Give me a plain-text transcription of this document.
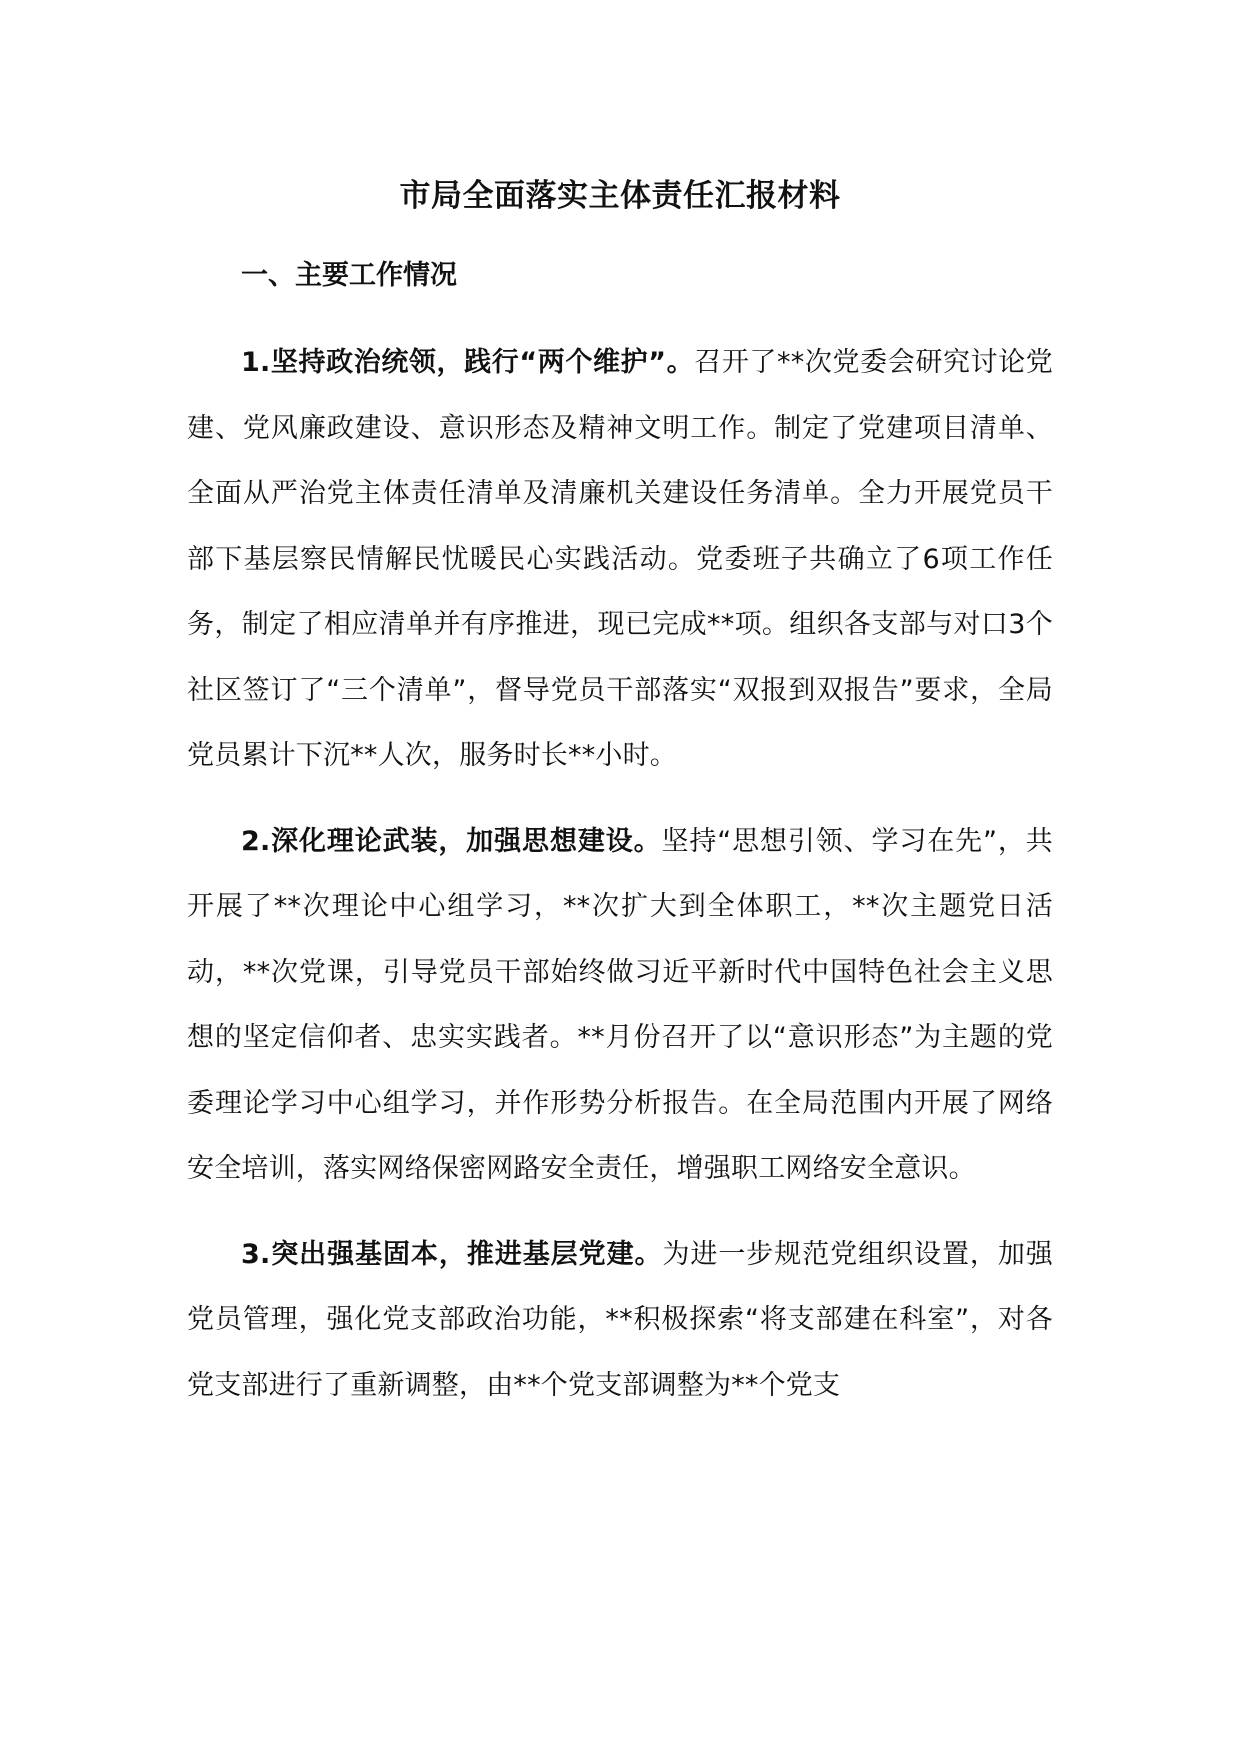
市局全面落实主体责任汇报材料
一、主要工作情况

1.坚持政治统领，践行“两个维护”。召开了**次党委会研究讨论党建、党风廉政建设、意识形态及精神文明工作。制定了党建项目清单、全面从严治党主体责任清单及清廉机关建设任务清单。全力开展党员干部下基层察民情解民忧暖民心实践活动。党委班子共确立了6项工作任务，制定了相应清单并有序推进，现已完成**项。组织各支部与对口3个社区签订了“三个清单”，督导党员干部落实“双报到双报告”要求，全局党员累计下沉**人次，服务时长**小时。

2.深化理论武装，加强思想建设。坚持“思想引领、学习在先”，共开展了**次理论中心组学习，**次扩大到全体职工，**次主题党日活动，**次党课，引导党员干部始终做习近平新时代中国特色社会主义思想的坚定信仰者、忠实实践者。**月份召开了以“意识形态”为主题的党委理论学习中心组学习，并作形势分析报告。在全局范围内开展了网络安全培训，落实网络保密网路安全责任，增强职工网络安全意识。

3.突出强基固本，推进基层党建。为进一步规范党组织设置，加强党员管理，强化党支部政治功能，**积极探索“将支部建在科室”，对各党支部进行了重新调整，由**个党支部调整为**个党支
